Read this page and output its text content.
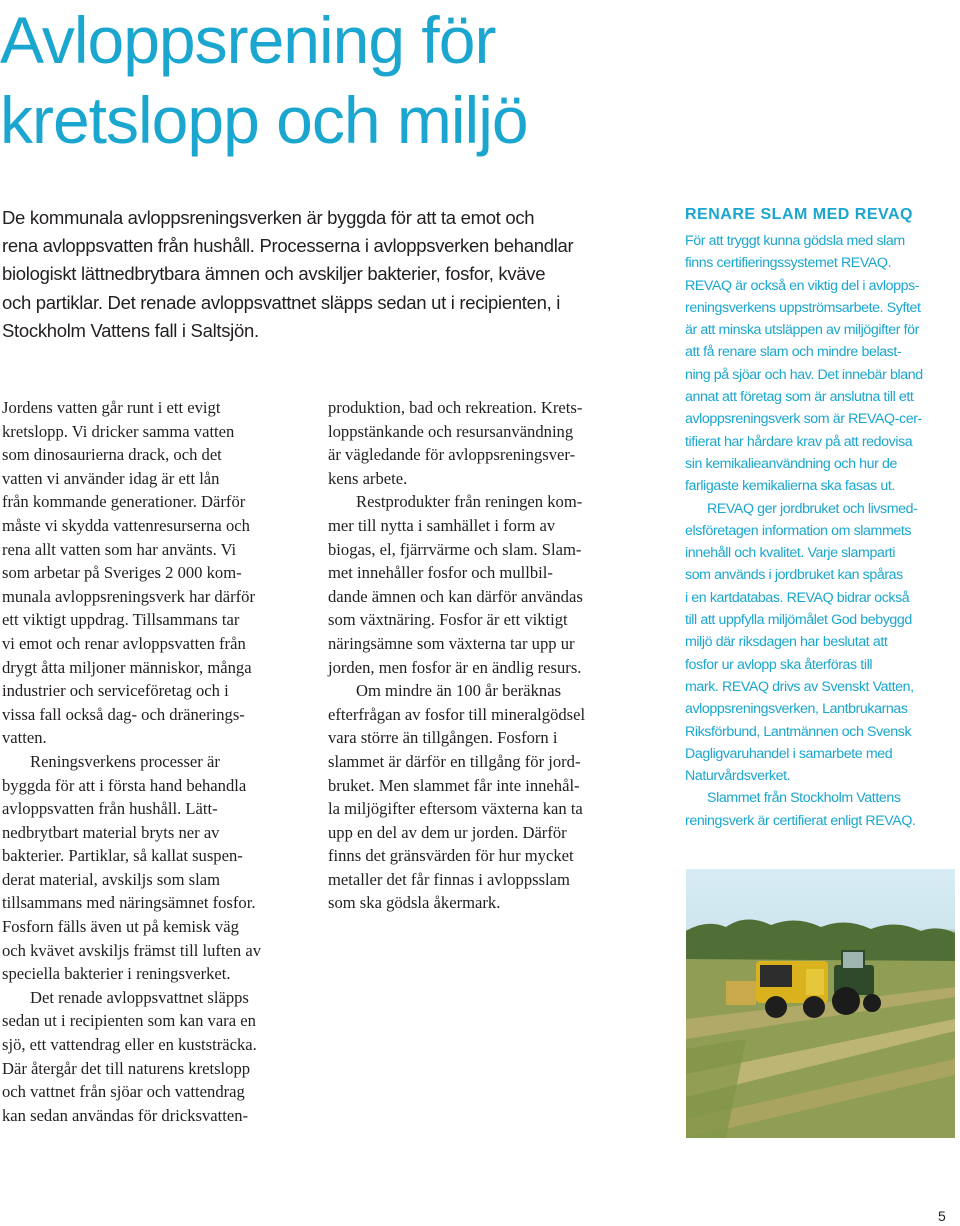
Avloppsrening för
kretslopp och miljö
De kommunala avloppsreningsverken är byggda för att ta emot och
rena avloppsvatten från hushåll. Processerna i avloppsverken behandlar
biologiskt lättnedbrytbara ämnen och avskiljer bakterier, fosfor, kväve
och partiklar. Det renade avloppsvattnet släpps sedan ut i recipienten, i
Stockholm Vattens fall i Saltsjön.
Jordens vatten går runt i ett evigt
kretslopp. Vi dricker samma vatten
som dinosaurierna drack, och det
vatten vi använder idag är ett lån
från kommande generationer. Därför
måste vi skydda vattenresurserna och
rena allt vatten som har använts. Vi
som arbetar på Sveriges 2 000 kom-
munala avloppsreningsverk har därför
ett viktigt uppdrag. Tillsammans tar
vi emot och renar avloppsvatten från
drygt åtta miljoner människor, många
industrier och serviceföretag och i
vissa fall också dag- och dränerings-
vatten.
Reningsverkens processer är
byggda för att i första hand behandla
avloppsvatten från hushåll. Lätt-
nedbrytbart material bryts ner av
bakterier. Partiklar, så kallat suspen-
derat material, avskiljs som slam
tillsammans med näringsämnet fosfor.
Fosforn fälls även ut på kemisk väg
och kvävet avskiljs främst till luften av
speciella bakterier i reningsverket.
Det renade avloppsvattnet släpps
sedan ut i recipienten som kan vara en
sjö, ett vattendrag eller en kuststräcka.
Där återgår det till naturens kretslopp
och vattnet från sjöar och vattendrag
kan sedan användas för dricksvatten-
produktion, bad och rekreation. Krets-
loppstänkande och resursanvändning
är vägledande för avloppsreningsver-
kens arbete.
Restprodukter från reningen kom-
mer till nytta i samhället i form av
biogas, el, fjärrvärme och slam. Slam-
met innehåller fosfor och mullbil-
dande ämnen och kan därför användas
som växtnäring. Fosfor är ett viktigt
näringsämne som växterna tar upp ur
jorden, men fosfor är en ändlig resurs.
Om mindre än 100 år beräknas
efterfrågan av fosfor till mineralgödsel
vara större än tillgången. Fosforn i
slammet är därför en tillgång för jord-
bruket. Men slammet får inte innehål-
la miljögifter eftersom växterna kan ta
upp en del av dem ur jorden. Därför
finns det gränsvärden för hur mycket
metaller det får finnas i avloppsslam
som ska gödsla åkermark.
RENARE SLAM MED REVAQ
För att tryggt kunna gödsla med slam
finns certifieringssystemet REVAQ.
REVAQ är också en viktig del i avlopps-
reningsverkens uppströmsarbete. Syftet
är att minska utsläppen av miljögifter för
att få renare slam och mindre belast-
ning på sjöar och hav. Det innebär bland
annat att företag som är anslutna till ett
avloppsreningsverk som är REVAQ-cer-
tifierat har hårdare krav på att redovisa
sin kemikalieanvändning och hur de
farligaste kemikalierna ska fasas ut.
REVAQ ger jordbruket och livsmed-
elsföretagen information om slammets
innehåll och kvalitet. Varje slamparti
som används i jordbruket kan spåras
i en kartdatabas. REVAQ bidrar också
till att uppfylla miljömålet God bebyggd
miljö där riksdagen har beslutat att
fosfor ur avlopp ska återföras till
mark. REVAQ drivs av Svenskt Vatten,
avloppsreningsverken, Lantbrukarnas
Riksförbund, Lantmännen och Svensk
Dagligvaruhandel i samarbete med
Naturvårdsverket.
Slammet från Stockholm Vattens
reningsverk är certifierat enligt REVAQ.
5
